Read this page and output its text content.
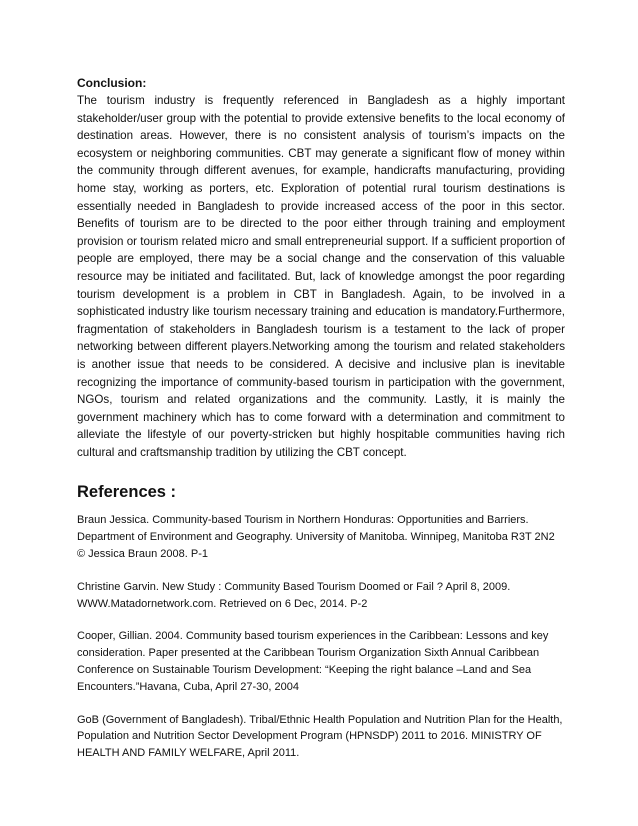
Conclusion:

The tourism industry is frequently referenced in Bangladesh as a highly important stakeholder/user group with the potential to provide extensive benefits to the local economy of destination areas. However, there is no consistent analysis of tourism’s impacts on the ecosystem or neighboring communities. CBT may generate a significant flow of money within the community through different avenues, for example, handicrafts manufacturing, providing home stay, working as porters, etc. Exploration of potential rural tourism destinations is essentially needed in Bangladesh to provide increased access of the poor in this sector. Benefits of tourism are to be directed to the poor either through training and employment provision or tourism related micro and small entrepreneurial support. If a sufficient proportion of people are employed, there may be a social change and the conservation of this valuable resource may be initiated and facilitated. But, lack of knowledge amongst the poor regarding tourism development is a problem in CBT in Bangladesh. Again, to be involved in a sophisticated industry like tourism necessary training and education is mandatory.Furthermore, fragmentation of stakeholders in Bangladesh tourism is a testament to the lack of proper networking between different players.Networking among the tourism and related stakeholders is another issue that needs to be considered. A decisive and inclusive plan is inevitable recognizing the importance of community-based tourism in participation with the government, NGOs, tourism and related organizations and the community. Lastly, it is mainly the government machinery which has to come forward with a determination and commitment to alleviate the lifestyle of our poverty-stricken but highly hospitable communities having rich cultural and craftsmanship tradition by utilizing the CBT concept.

References :

Braun Jessica. Community-based Tourism in Northern Honduras: Opportunities and Barriers. Department of Environment and Geography. University of Manitoba. Winnipeg, Manitoba R3T 2N2 © Jessica Braun 2008. P-1

Christine Garvin. New Study : Community Based Tourism Doomed or Fail ? April 8, 2009. WWW.Matadornetwork.com. Retrieved on 6 Dec, 2014. P-2

Cooper, Gillian. 2004. Community based tourism experiences in the Caribbean: Lessons and key consideration. Paper presented at the Caribbean Tourism Organization Sixth Annual Caribbean Conference on Sustainable Tourism Development: “Keeping the right balance –Land and Sea Encounters.”Havana, Cuba, April 27-30, 2004

GoB (Government of Bangladesh). Tribal/Ethnic Health Population and Nutrition Plan for the Health, Population and Nutrition Sector Development Program (HPNSDP) 2011 to 2016. MINISTRY OF HEALTH AND FAMILY WELFARE, April 2011.
